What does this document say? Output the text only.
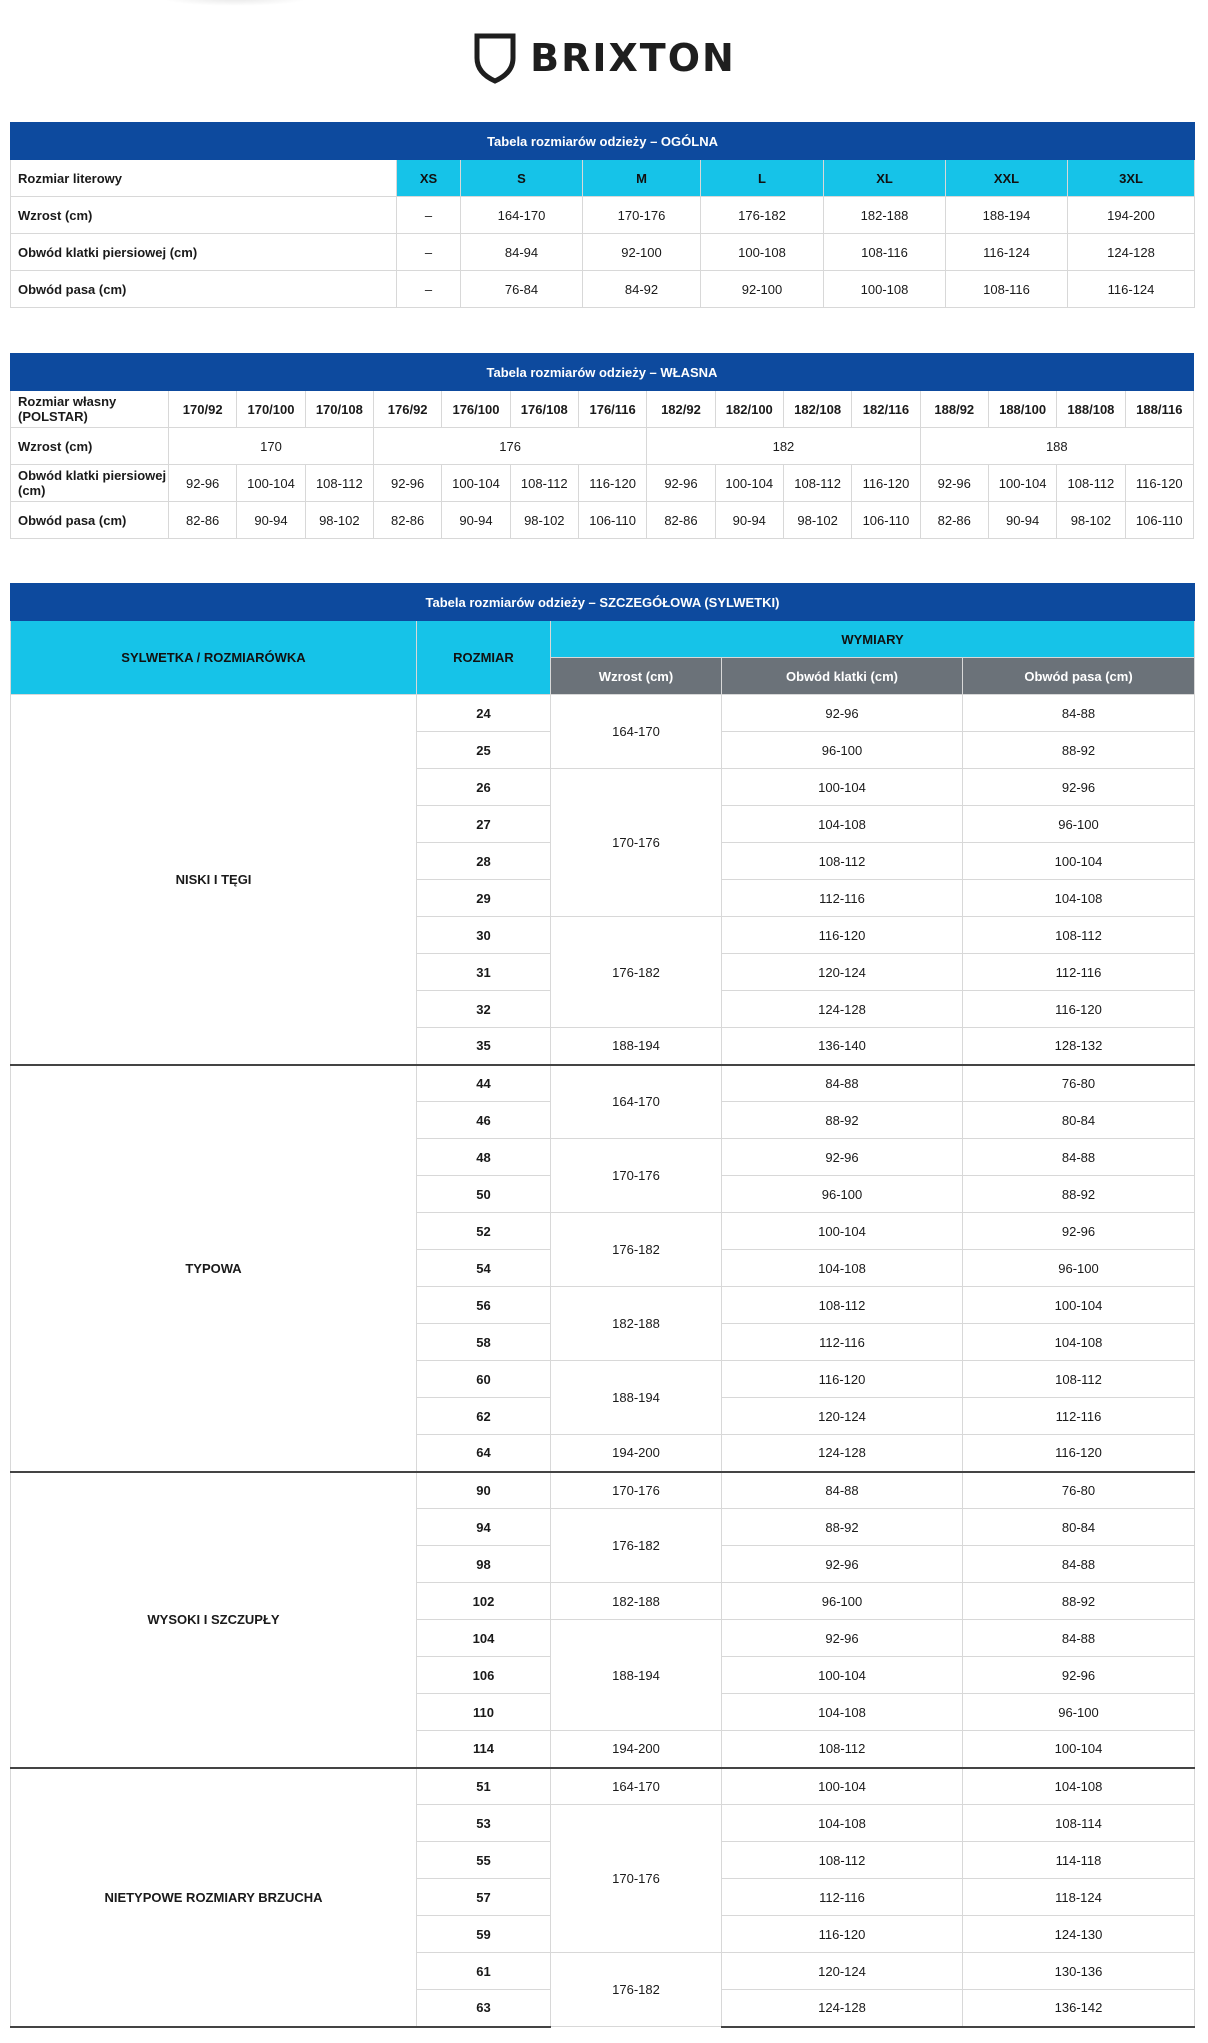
BRIXTON
Tabela rozmiarów odzieży – OGÓLNA							
Rozmiar literowy	XS	S	M	L	XL	XXL	3XL
Wzrost (cm)	–	164-170	170-176	176-182	182-188	188-194	194-200
Obwód klatki piersiowej (cm)	–	84-94	92-100	100-108	108-116	116-124	124-128
Obwód pasa (cm)	–	76-84	84-92	92-100	100-108	108-116	116-124
Tabela rozmiarów odzieży – WŁASNA															
Rozmiar własny (POLSTAR)	170/92	170/100	170/108	176/92	176/100	176/108	176/116	182/92	182/100	182/108	182/116	188/92	188/100	188/108	188/116
Wzrost (cm)	170			176				182				188			
Obwód klatki piersiowej (cm)	92-96	100-104	108-112	92-96	100-104	108-112	116-120	92-96	100-104	108-112	116-120	92-96	100-104	108-112	116-120
Obwód pasa (cm)	82-86	90-94	98-102	82-86	90-94	98-102	106-110	82-86	90-94	98-102	106-110	82-86	90-94	98-102	106-110
Tabela rozmiarów odzieży – SZCZEGÓŁOWA (SYLWETKI)				
SYLWETKA / ROZMIARÓWKA	ROZMIAR	WYMIARY		
		Wzrost (cm)	Obwód klatki (cm)	Obwód pasa (cm)
NISKI I TĘGI	24	164-170	92-96	84-88
	25		96-100	88-92
	26	170-176	100-104	92-96
	27		104-108	96-100
	28		108-112	100-104
	29		112-116	104-108
	30	176-182	116-120	108-112
	31		120-124	112-116
	32		124-128	116-120
	35	188-194	136-140	128-132
TYPOWA	44	164-170	84-88	76-80
	46		88-92	80-84
	48	170-176	92-96	84-88
	50		96-100	88-92
	52	176-182	100-104	92-96
	54		104-108	96-100
	56	182-188	108-112	100-104
	58		112-116	104-108
	60	188-194	116-120	108-112
	62		120-124	112-116
	64	194-200	124-128	116-120
WYSOKI I SZCZUPŁY	90	170-176	84-88	76-80
	94	176-182	88-92	80-84
	98		92-96	84-88
	102	182-188	96-100	88-92
	104	188-194	92-96	84-88
	106		100-104	92-96
	110		104-108	96-100
	114	194-200	108-112	100-104
NIETYPOWE ROZMIARY BRZUCHA	51	164-170	100-104	104-108
	53	170-176	104-108	108-114
	55		108-112	114-118
	57		112-116	118-124
	59		116-120	124-130
	61	176-182	120-124	130-136
	63		124-128	136-142
